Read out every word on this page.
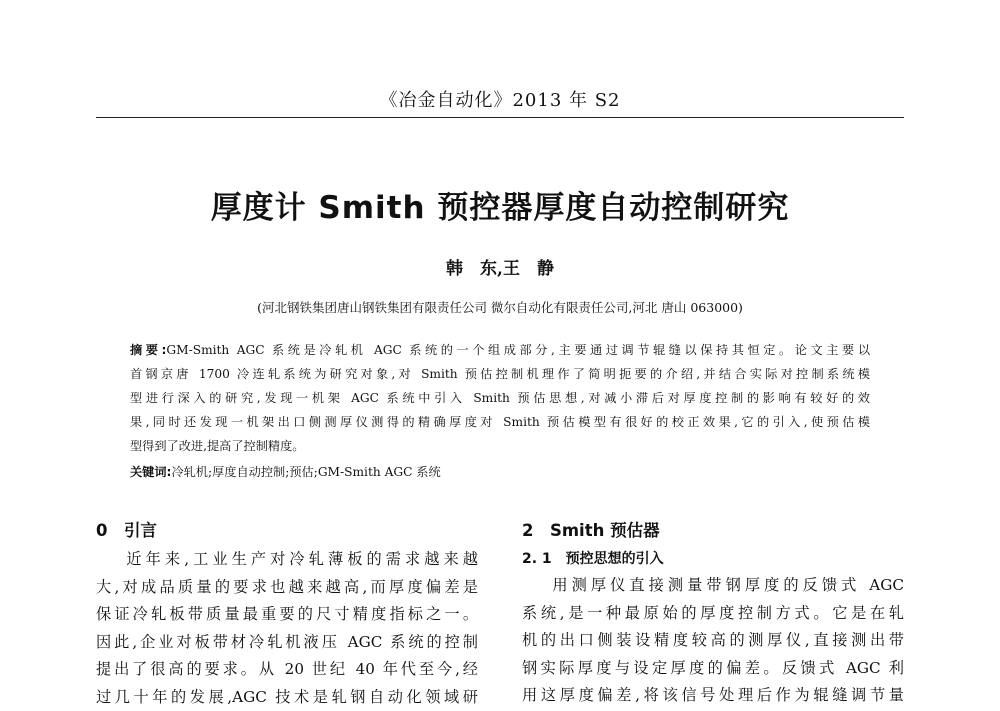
《冶金自动化》2013 年 S2
厚度计 Smith 预控器厚度自动控制研究
韩　东,王　静
(河北钢铁集团唐山钢铁集团有限责任公司 微尔自动化有限责任公司,河北 唐山 063000)
摘要:GM-Smith AGC 系统是冷轧机 AGC 系统的一个组成部分,主要通过调节辊缝以保持其恒定。论文主要以
首钢京唐 1700 冷连轧系统为研究对象,对 Smith 预估控制机理作了简明扼要的介绍,并结合实际对控制系统模
型进行深入的研究,发现一机架 AGC 系统中引入 Smith 预估思想,对减小滞后对厚度控制的影响有较好的效
果,同时还发现一机架出口侧测厚仪测得的精确厚度对 Smith 预估模型有很好的校正效果,它的引入,使预估模
型得到了改进,提高了控制精度。
关键词:冷轧机;厚度自动控制;预估;GM-Smith AGC 系统
0　引言
近年来,工业生产对冷轧薄板的需求越来越
大,对成品质量的要求也越来越高,而厚度偏差是
保证冷轧板带质量最重要的尺寸精度指标之一。
因此,企业对板带材冷轧机液压 AGC 系统的控制
提出了很高的要求。从 20 世纪 40 年代至今,经
过几十年的发展,AGC 技术是轧钢自动化领域研
2　Smith 预估器
2. 1　预控思想的引入
用测厚仪直接测量带钢厚度的反馈式 AGC
系统,是一种最原始的厚度控制方式。它是在轧
机的出口侧装设精度较高的测厚仪,直接测出带
钢实际厚度与设定厚度的偏差。反馈式 AGC 利
用这厚度偏差,将该信号处理后作为辊缝调节量
